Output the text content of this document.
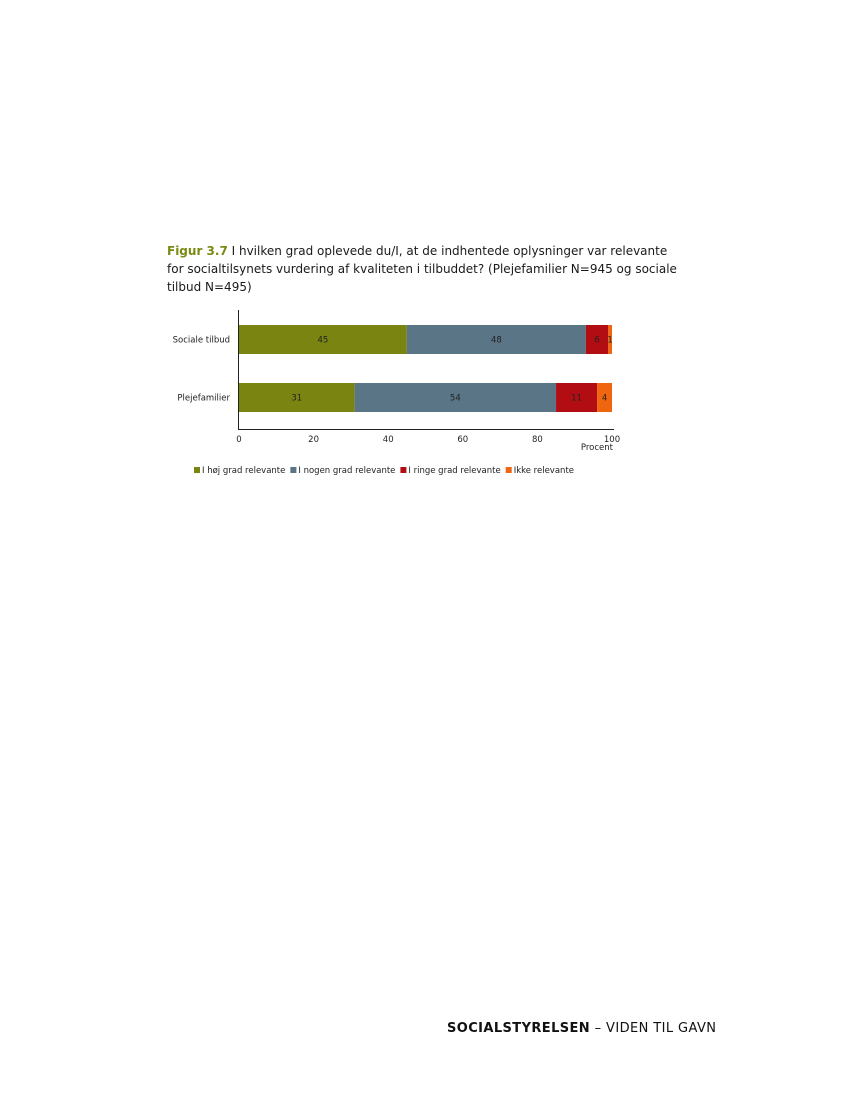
Figur 3.7 I hvilken grad oplevede du/I, at de indhentede oplysninger var relevante for socialtilsynets vurdering af kvaliteten i tilbuddet? (Plejefamilier N=945 og sociale tilbud N=495)

Sociale tilbud	45	48	6 1
Plejefamilier	31	54	11 4
0	20	40	60	80	100
Procent
I høj grad relevante I nogen grad relevante I ringe grad relevante Ikke relevante
SOCIALSTYRELSEN – VIDEN TIL GAVN
